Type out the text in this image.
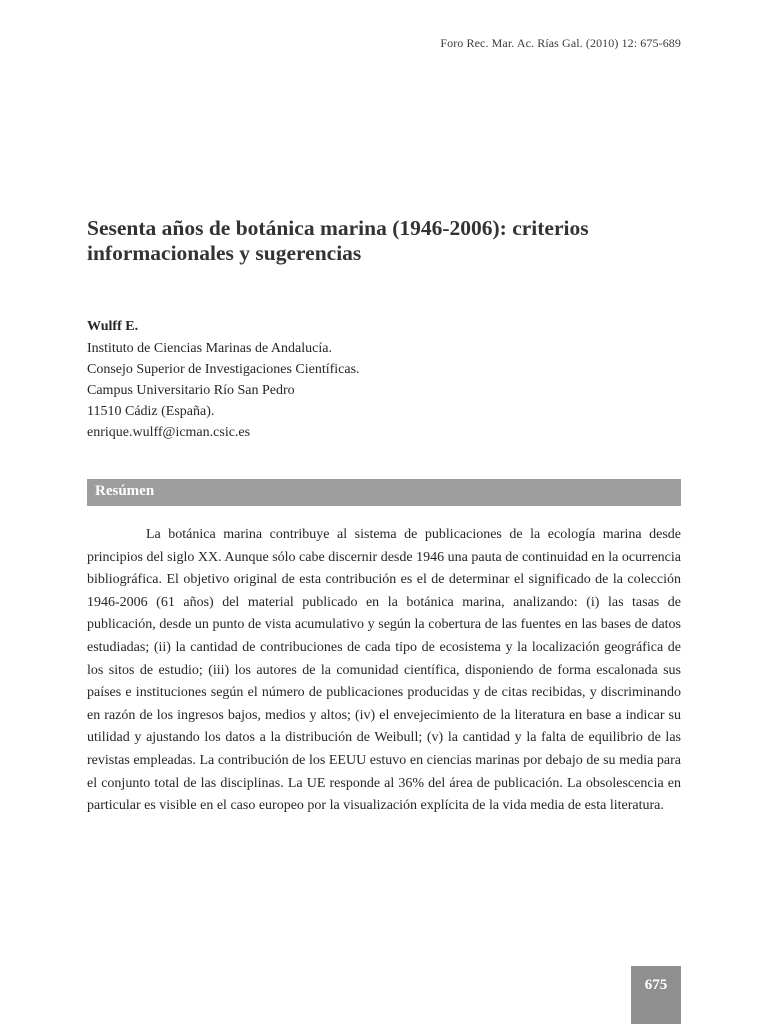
Foro Rec. Mar. Ac. Rías Gal. (2010) 12: 675-689
Sesenta años de botánica marina (1946-2006): criterios informacionales y sugerencias
Wulff E.
Instituto de Ciencias Marinas de Andalucía.
Consejo Superior de Investigaciones Científicas.
Campus Universitario Río San Pedro
11510 Cádiz (España).
enrique.wulff@icman.csic.es
Resúmen

La botánica marina contribuye al sistema de publicaciones de la ecología marina desde principios del siglo XX. Aunque sólo cabe discernir desde 1946 una pauta de continuidad en la ocurrencia bibliográfica. El objetivo original de esta contribución es el de determinar el significado de la colección 1946-2006 (61 años) del material publicado en la botánica marina, analizando: (i) las tasas de publicación, desde un punto de vista acumulativo y según la cobertura de las fuentes en las bases de datos estudiadas; (ii) la cantidad de contribuciones de cada tipo de ecosistema y la localización geográfica de los sitos de estudio; (iii) los autores de la comunidad científica, disponiendo de forma escalonada sus países e instituciones según el número de publicaciones producidas y de citas recibidas, y discriminando en razón de los ingresos bajos, medios y altos; (iv) el envejecimiento de la literatura en base a indicar su utilidad y ajustando los datos a la distribución de Weibull; (v) la cantidad y la falta de equilibrio de las revistas empleadas. La contribución de los EEUU estuvo en ciencias marinas por debajo de su media para el conjunto total de las disciplinas. La UE responde al 36% del área de publicación. La obsolescencia en particular es visible en el caso europeo por la visualización explícita de la vida media de esta literatura.

675
